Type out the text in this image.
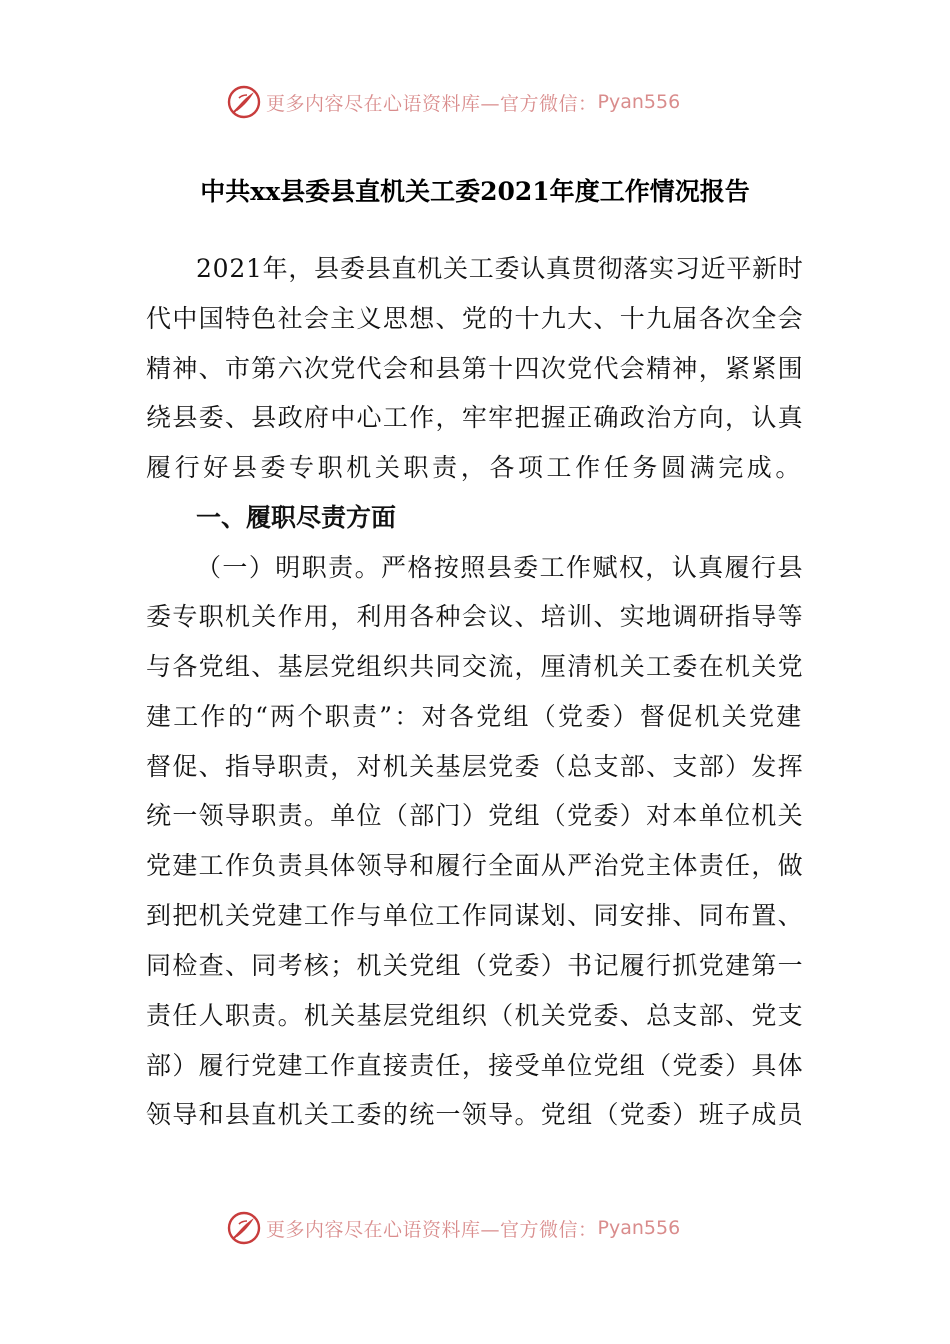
更多内容尽在心语资料库—官方微信： Pyan556
中共xx县委县直机关工委2021年度工作情况报告
2021年，县委县直机关工委认真贯彻落实习近平新时
代中国特色社会主义思想、党的十九大、十九届各次全会
精神、市第六次党代会和县第十四次党代会精神，紧紧围
绕县委、县政府中心工作，牢牢把握正确政治方向，认真
履行好县委专职机关职责，各项工作任务圆满完成。
一、履职尽责方面
（一）明职责。严格按照县委工作赋权，认真履行县
委专职机关作用，利用各种会议、培训、实地调研指导等
与各党组、基层党组织共同交流，厘清机关工委在机关党
建工作的“两个职责”：对各党组（党委）督促机关党建
督促、指导职责，对机关基层党委（总支部、支部）发挥
统一领导职责。单位（部门）党组（党委）对本单位机关
党建工作负责具体领导和履行全面从严治党主体责任，做
到把机关党建工作与单位工作同谋划、同安排、同布置、
同检查、同考核；机关党组（党委）书记履行抓党建第一
责任人职责。机关基层党组织（机关党委、总支部、党支
部）履行党建工作直接责任，接受单位党组（党委）具体
领导和县直机关工委的统一领导。党组（党委）班子成员
更多内容尽在心语资料库—官方微信： Pyan556
